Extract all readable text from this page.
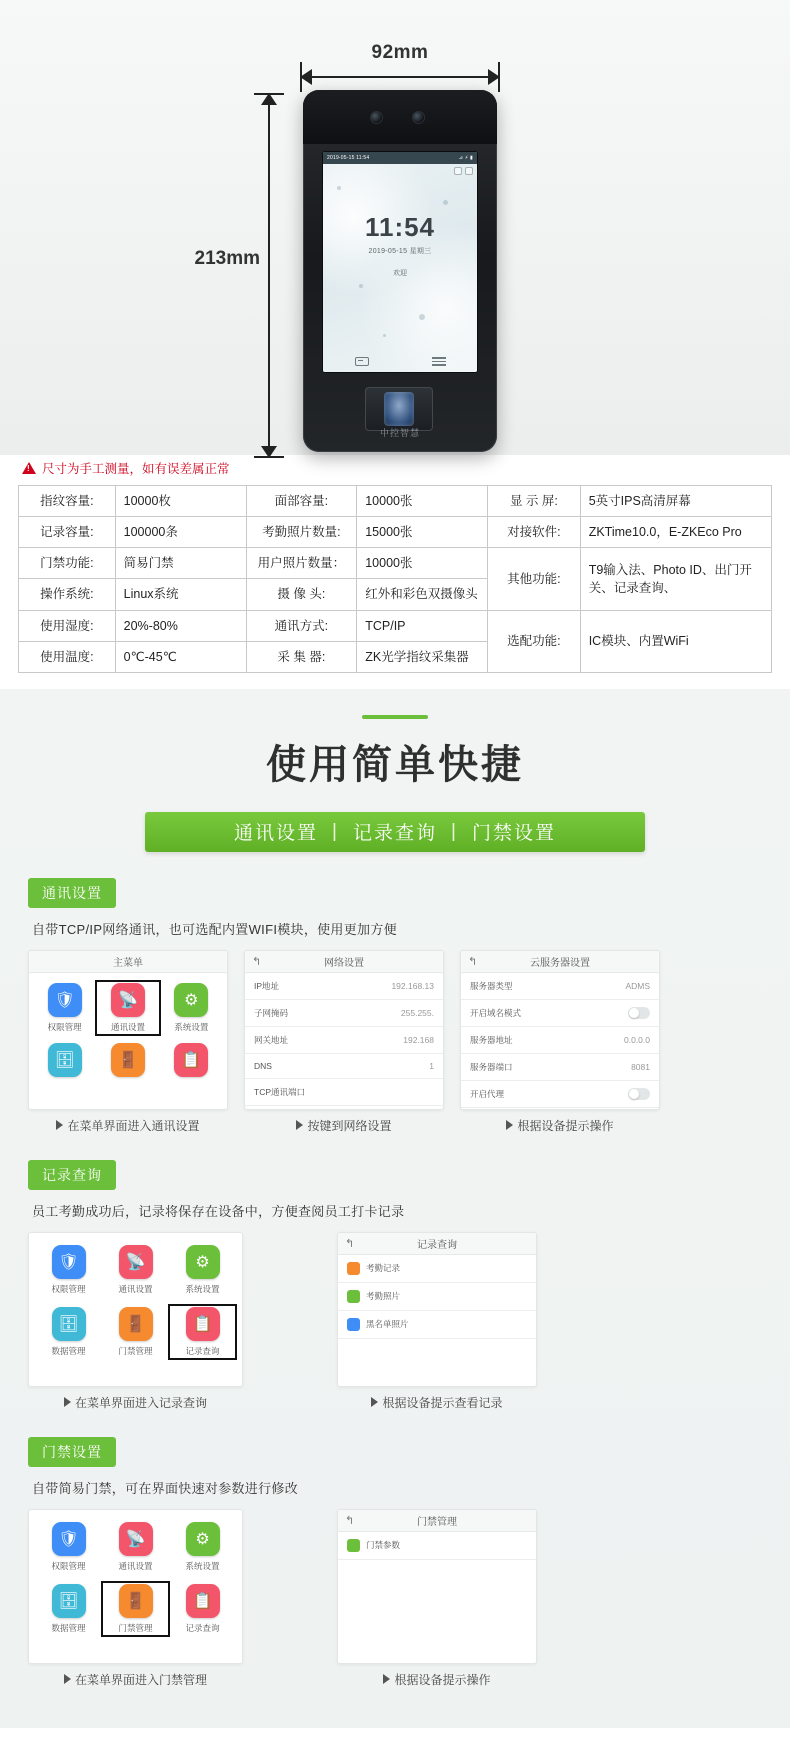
92mm
213mm
2019-05-15 11:54	⊿ ⚡ ▮
11:54
2019-05-15 星期三
欢迎
中控智慧
!
尺寸为手工测量，如有误差属正常
指纹容量:	10000枚	面部容量:	10000张	显 示 屏:	5英寸IPS高清屏幕
记录容量:	100000条	考勤照片数量:	15000张	对接软件:	ZKTime10.0，E-ZKEco Pro
门禁功能:	简易门禁	用户照片数量：	10000张	其他功能:	T9输入法、Photo ID、出门开关、记录查询、
操作系统:	Linux系统	摄 像 头:	红外和彩色双摄像头		
使用湿度:	20%-80%	通讯方式:	TCP/IP	选配功能:	IC模块、内置WiFi
使用温度:	0℃-45℃	采 集 器:	ZK光学指纹采集器		
使用简单快捷
通讯设置 | 记录查询 | 门禁设置
通讯设置
自带TCP/IP网络通讯，也可选配内置WIFI模块，使用更加方便
主菜单
🛡
权限管理
📡
通讯设置
⚙
系统设置
🗄	🚪	📋
在菜单界面进入通讯设置
↰	网络设置
IP地址	192.168.13
子网掩码	255.255.
网关地址	192.168
DNS	1
TCP通讯端口
按键到网络设置
↰	云服务器设置
服务器类型	ADMS
开启域名模式
服务器地址	0.0.0.0
服务器端口	8081
开启代理
根据设备提示操作
记录查询
员工考勤成功后，记录将保存在设备中，方便查阅员工打卡记录
🛡
权限管理
📡
通讯设置
⚙
系统设置
🗄
数据管理
🚪
门禁管理
📋
记录查询
在菜单界面进入记录查询
↰	记录查询
考勤记录
考勤照片
黑名单照片
根据设备提示查看记录
门禁设置
自带简易门禁，可在界面快速对参数进行修改
🛡
权限管理
📡
通讯设置
⚙
系统设置
🗄
数据管理
🚪
门禁管理
📋
记录查询
在菜单界面进入门禁管理
↰	门禁管理
门禁参数
根据设备提示操作
